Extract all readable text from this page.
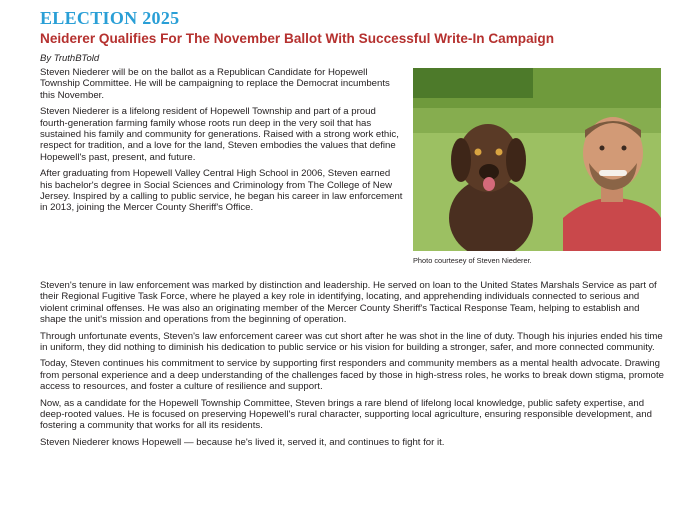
ELECTION 2025
Neiderer Qualifies For The November Ballot With Successful Write-In Campaign
By TruthBTold

Steven Niederer will be on the ballot as a Republican Candidate for Hopewell Township Committee. He will be campaigning to replace the Democrat incumbents this November.

Steven Niederer is a lifelong resident of Hopewell Township and part of a proud fourth-generation farming family whose roots run deep in the very soil that has sustained his family and community for generations. Raised with a strong work ethic, respect for tradition, and a love for the land, Steven embodies the values that define Hopewell's past, present, and future.

After graduating from Hopewell Valley Central High School in 2006, Steven earned his bachelor's degree in Social Sciences and Criminology from The College of New Jersey. Inspired by a calling to public service, he began his career in law enforcement in 2013, joining the Mercer County Sheriff's Office.

Photo courtesey of Steven Niederer.

Steven's tenure in law enforcement was marked by distinction and leadership. He served on loan to the United States Marshals Service as part of their Regional Fugitive Task Force, where he played a key role in identifying, locating, and apprehending individuals connected to serious and violent criminal offenses. He was also an originating member of the Mercer County Sheriff's Tactical Response Team, helping to establish and shape the unit's mission and operations from the beginning of operation.

Through unfortunate events, Steven's law enforcement career was cut short after he was shot in the line of duty. Though his injuries ended his time in uniform, they did nothing to diminish his dedication to public service or his vision for building a stronger, safer, and more connected community.

Today, Steven continues his commitment to service by supporting first responders and community members as a mental health advocate. Drawing from personal experience and a deep understanding of the challenges faced by those in high-stress roles, he works to break down stigma, promote access to resources, and foster a culture of resilience and support.

Now, as a candidate for the Hopewell Township Committee, Steven brings a rare blend of lifelong local knowledge, public safety expertise, and deep-rooted values. He is focused on preserving Hopewell's rural character, supporting local agriculture, ensuring responsible development, and fostering a community that works for all its residents.

Steven Niederer knows Hopewell — because he's lived it, served it, and continues to fight for it.
